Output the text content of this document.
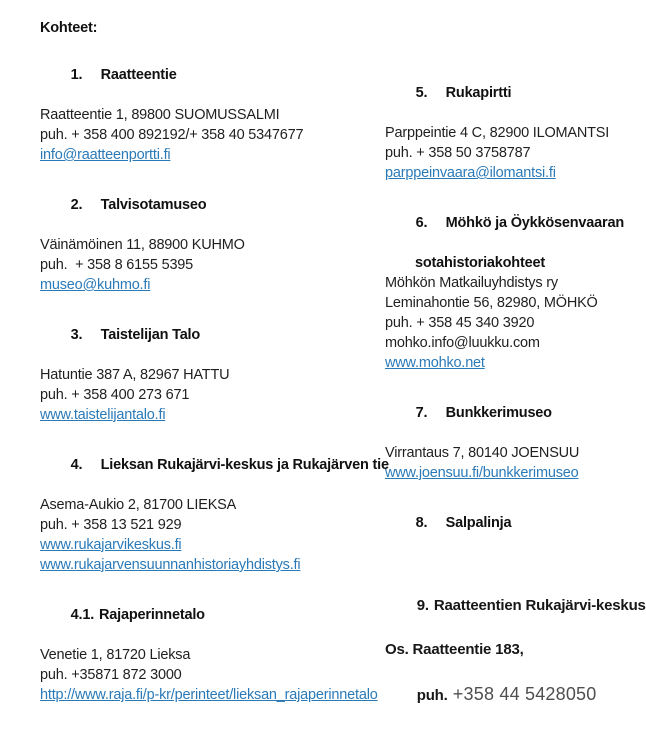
Kohteet:

1. Raatteentie

Raatteentie 1, 89800 SUOMUSSALMI
puh. + 358 400 892192/+ 358 40 5347677
info@raatteenportti.fi

2. Talvisotamuseo

Väinämöinen 11, 88900 KUHMO
puh.  + 358 8 6155 5395
museo@kuhmo.fi

3. Taistelijan Talo

Hatuntie 387 A, 82967 HATTU
puh. + 358 400 273 671
www.taistelijantalo.fi

4. Lieksan Rukajärvi-keskus ja Rukajärven tie

Asema-Aukio 2, 81700 LIEKSA
puh. + 358 13 521 929
www.rukajarvikeskus.fi
www.rukajarvensuunnanhistoriayhdistys.fi

4.1. Rajaperinnetalo

Venetie 1, 81720 Lieksa
puh. +35871 872 3000
http://www.raja.fi/p-kr/perinteet/lieksan_rajaperinnetalo

5. Rukapirtti

Parppeintie 4 C, 82900 ILOMANTSI
puh. + 358 50 3758787
parppeinvaara@ilomantsi.fi

6. Möhkö ja Öykkösenvaaran

sotahistoriakohteet
Möhkön Matkailuyhdistys ry
Leminahontie 56, 82980, MÖHKÖ
puh. + 358 45 340 3920
mohko.info@luukku.com
www.mohko.net

7. Bunkkerimuseo

Virrantaus 7, 80140 JOENSUU
www.joensuu.fi/bunkkerimuseo

8. Salpalinja

9. Raatteentien Rukajärvi-keskus

Os. Raatteentie 183,

puh. +358 44 5428050
